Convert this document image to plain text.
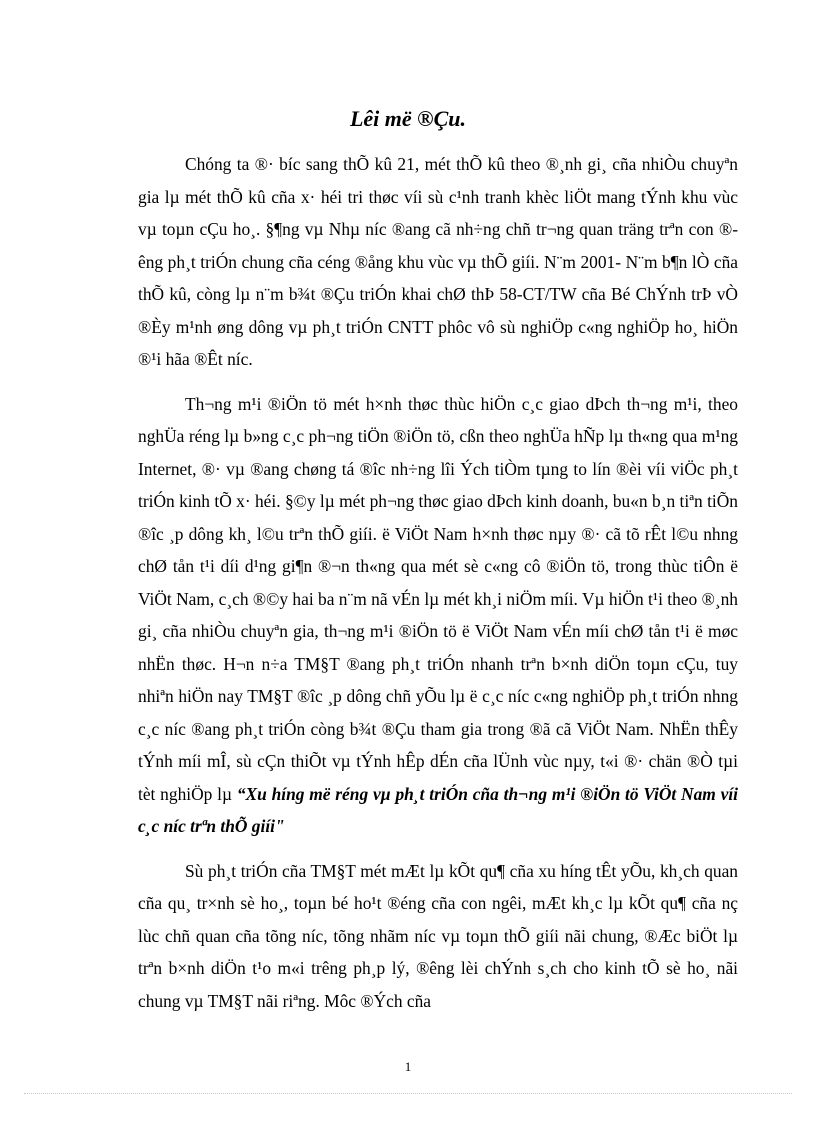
Lêi më ®Çu.

Chóng ta ®· bíc sang thÕ kû 21, mét thÕ kû theo ®¸nh gi¸ cña nhiÒu chuyªn gia lµ mét thÕ kû cña x· héi tri thøc víi sù c¹nh tranh khèc liÖt mang tÝnh khu vùc vµ toµn cÇu ho¸. §¶ng vµ Nhµ níc ®ang cã nh÷ng chñ tr¬ng quan träng trªn con ®êng ph¸t triÓn chung cña céng ®ång khu vùc vµ thÕ giíi. N¨m 2001- N¨m b¶n lÒ cña thÕ kû, còng lµ n¨m b¾t ®Çu triÓn khai chØ thÞ 58-CT/TW cña Bé ChÝnh trÞ vÒ ®Èy m¹nh øng dông vµ ph¸t triÓn CNTT phôc vô sù nghiÖp c«ng nghiÖp ho¸ hiÖn ®¹i hãa ®Êt níc.

Th¬ng m¹i ®iÖn tö mét h×nh thøc thùc hiÖn c¸c giao dÞch th¬ng m¹i, theo nghÜa réng lµ b»ng c¸c ph¬ng tiÖn ®iÖn tö, cßn theo nghÜa hÑp lµ th«ng qua m¹ng Internet, ®· vµ ®ang chøng tá ®îc nh÷ng lîi Ých tiÒm tµng to lín ®èi víi viÖc ph¸t triÓn kinh tÕ x· héi. §©y lµ mét ph¬ng thøc giao dÞch kinh doanh, bu«n b¸n tiªn tiÕn ®îc ¸p dông kh¸ l©u trªn thÕ giíi. ë ViÖt Nam h×nh thøc nµy ®· cã tõ rÊt l©u nhng chØ tån t¹i díi d¹ng gi¶n ®¬n th«ng qua mét sè c«ng cô ®iÖn tö, trong thùc tiÔn ë ViÖt Nam, c¸ch ®©y hai ba n¨m nã vÉn lµ mét kh¸i niÖm míi. Vµ hiÖn t¹i theo ®¸nh gi¸ cña nhiÒu chuyªn gia, th¬ng m¹i ®iÖn tö ë ViÖt Nam vÉn míi chØ tån t¹i ë møc nhËn thøc. H¬n n÷a TM§T ®ang ph¸t triÓn nhanh trªn b×nh diÖn toµn cÇu, tuy nhiªn hiÖn nay TM§T ®îc ¸p dông chñ yÕu lµ ë c¸c níc c«ng nghiÖp ph¸t triÓn nhng c¸c níc ®ang ph¸t triÓn còng b¾t ®Çu tham gia trong ®ã cã ViÖt Nam. NhËn thÊy tÝnh míi mÎ, sù cÇn thiÕt vµ tÝnh hÊp dÉn cña lÜnh vùc nµy, t«i ®· chän ®Ò tµi tèt nghiÖp lµ “Xu híng më réng vµ ph¸t triÓn cña th¬ng m¹i ®iÖn tö ViÖt Nam víi c¸c níc trªn thÕ giíi"

Sù ph¸t triÓn cña TM§T mét mÆt lµ kÕt qu¶ cña xu híng tÊt yÕu, kh¸ch quan cña qu¸ tr×nh sè ho¸, toµn bé ho¹t ®éng cña con ngêi, mÆt kh¸c lµ kÕt qu¶ cña nç lùc chñ quan cña tõng níc, tõng nhãm níc vµ toµn thÕ giíi nãi chung, ®Æc biÖt lµ trªn b×nh diÖn t¹o m«i trêng ph¸p lý, ®êng lèi chÝnh s¸ch cho kinh tÕ sè ho¸ nãi chung vµ TM§T nãi riªng. Môc ®Ých cña

1
